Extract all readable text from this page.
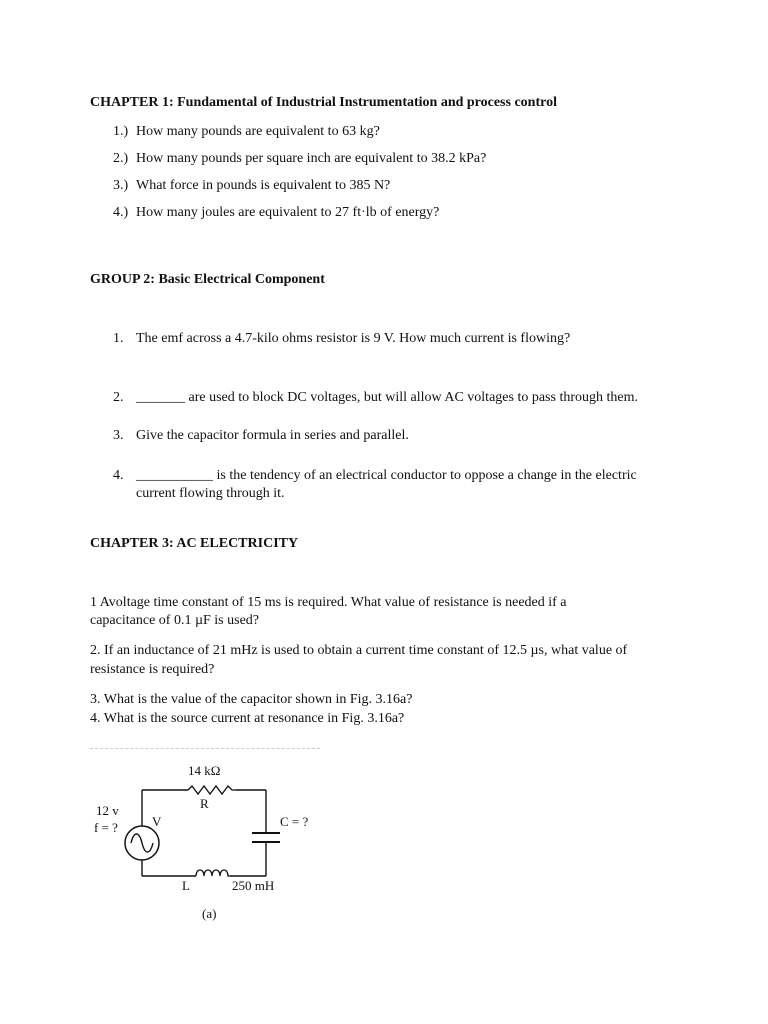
CHAPTER 1: Fundamental of Industrial Instrumentation and process control
1.) How many pounds are equivalent to 63 kg?
2.) How many pounds per square inch are equivalent to 38.2 kPa?
3.) What force in pounds is equivalent to 385 N?
4.) How many joules are equivalent to 27 ft·lb of energy?
GROUP 2: Basic Electrical Component
1. The emf across a 4.7-kilo ohms resistor is 9 V. How much current is flowing?
2. _______ are used to block DC voltages, but will allow AC voltages to pass through them.
3. Give the capacitor formula in series and parallel.
4. ___________ is the tendency of an electrical conductor to oppose a change in the electric
current flowing through it.
CHAPTER 3: AC ELECTRICITY
1 Avoltage time constant of 15 ms is required. What value of resistance is needed if a
capacitance of 0.1 µF is used?
2. If an inductance of 21 mHz is used to obtain a current time constant of 12.5 µs, what value of
resistance is required?
3. What is the value of the capacitor shown in Fig. 3.16a?
4. What is the source current at resonance in Fig. 3.16a?
14 kΩ
R
12 v
f = ?	V	C = ?
L	250 mH
(a)
